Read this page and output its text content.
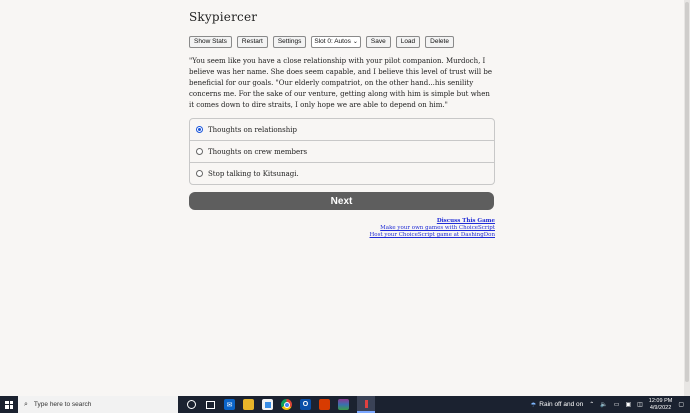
Skypiercer
Show Stats	Restart	Settings	Slot 0: Autos ⌄	Save	Load	Delete

"You seem like you have a close relationship with your pilot companion. Murdoch, I believe was her name. She does seem capable, and I believe this level of trust will be beneficial for our goals. "Our elderly compatriot, on the other hand...his senility concerns me. For the sake of our venture, getting along with him is simple but when it comes down to dire straits, I only hope we are able to depend on him."

Thoughts on relationship
Thoughts on crew members
Stop talking to Kitsunagi.
Next
Discuss This Game
Make your own games with ChoiceScript
Host your ChoiceScript game at DashingDon
⌕ Type here to search	✉	O	☂ Rain off and on ⌃ 🔈 ▭ ▣ ◫
12:09 PM
4/9/2022 ▢
